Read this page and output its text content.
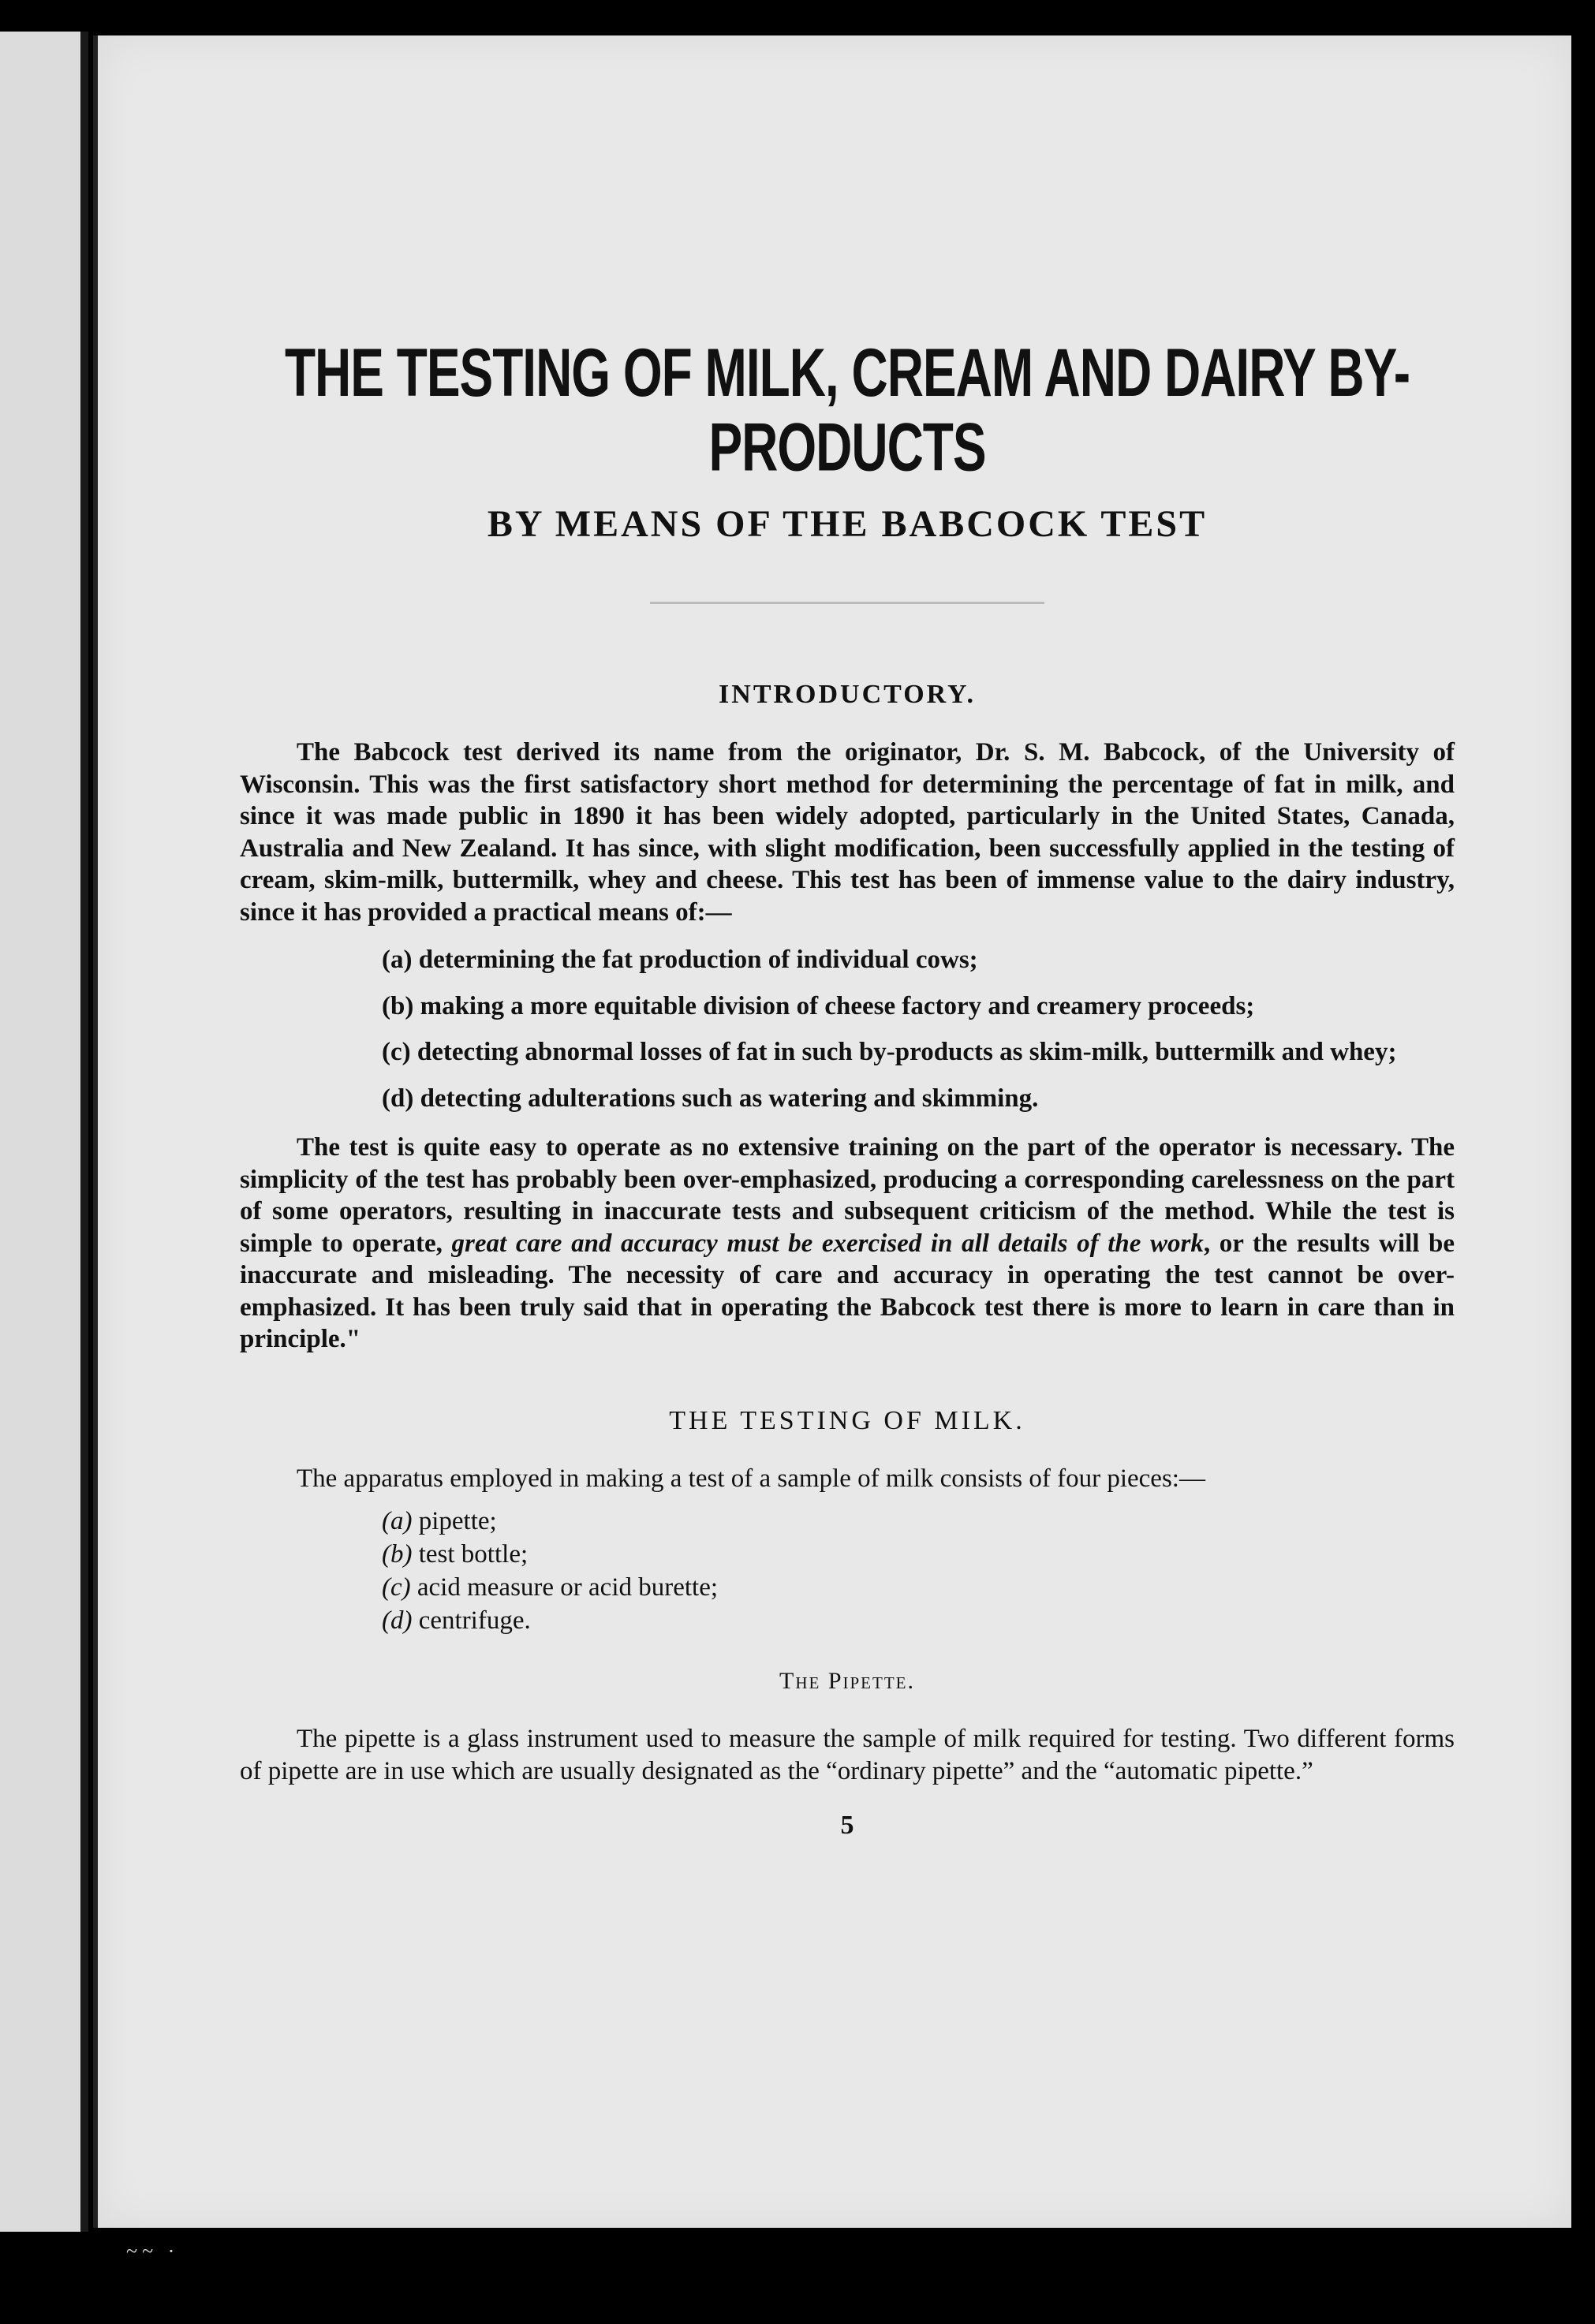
THE TESTING OF MILK, CREAM AND DAIRY BY-PRODUCTS
BY MEANS OF THE BABCOCK TEST
INTRODUCTORY.

The Babcock test derived its name from the originator, Dr. S. M. Babcock, of the University of Wisconsin. This was the first satisfactory short method for determining the percentage of fat in milk, and since it was made public in 1890 it has been widely adopted, particularly in the United States, Canada, Australia and New Zealand. It has since, with slight modification, been successfully applied in the testing of cream, skim-milk, buttermilk, whey and cheese. This test has been of immense value to the dairy industry, since it has provided a practical means of:—

(a) determining the fat production of individual cows;

(b) making a more equitable division of cheese factory and creamery proceeds;

(c) detecting abnormal losses of fat in such by-products as skim-milk, buttermilk and whey;

(d) detecting adulterations such as watering and skimming.

The test is quite easy to operate as no extensive training on the part of the operator is necessary. The simplicity of the test has probably been over-emphasized, producing a corresponding carelessness on the part of some operators, resulting in inaccurate tests and subsequent criticism of the method. While the test is simple to operate, great care and accuracy must be exercised in all details of the work, or the results will be inaccurate and misleading. The necessity of care and accuracy in operating the test cannot be over-emphasized. It has been truly said that in operating the Babcock test there is more to learn in care than in principle."

THE TESTING OF MILK.

The apparatus employed in making a test of a sample of milk consists of four pieces:—

(a) pipette;
(b) test bottle;
(c) acid measure or acid burette;
(d) centrifuge.
The Pipette.

The pipette is a glass instrument used to measure the sample of milk required for testing. Two different forms of pipette are in use which are usually designated as the “ordinary pipette” and the “automatic pipette.”

5
~~ ·
